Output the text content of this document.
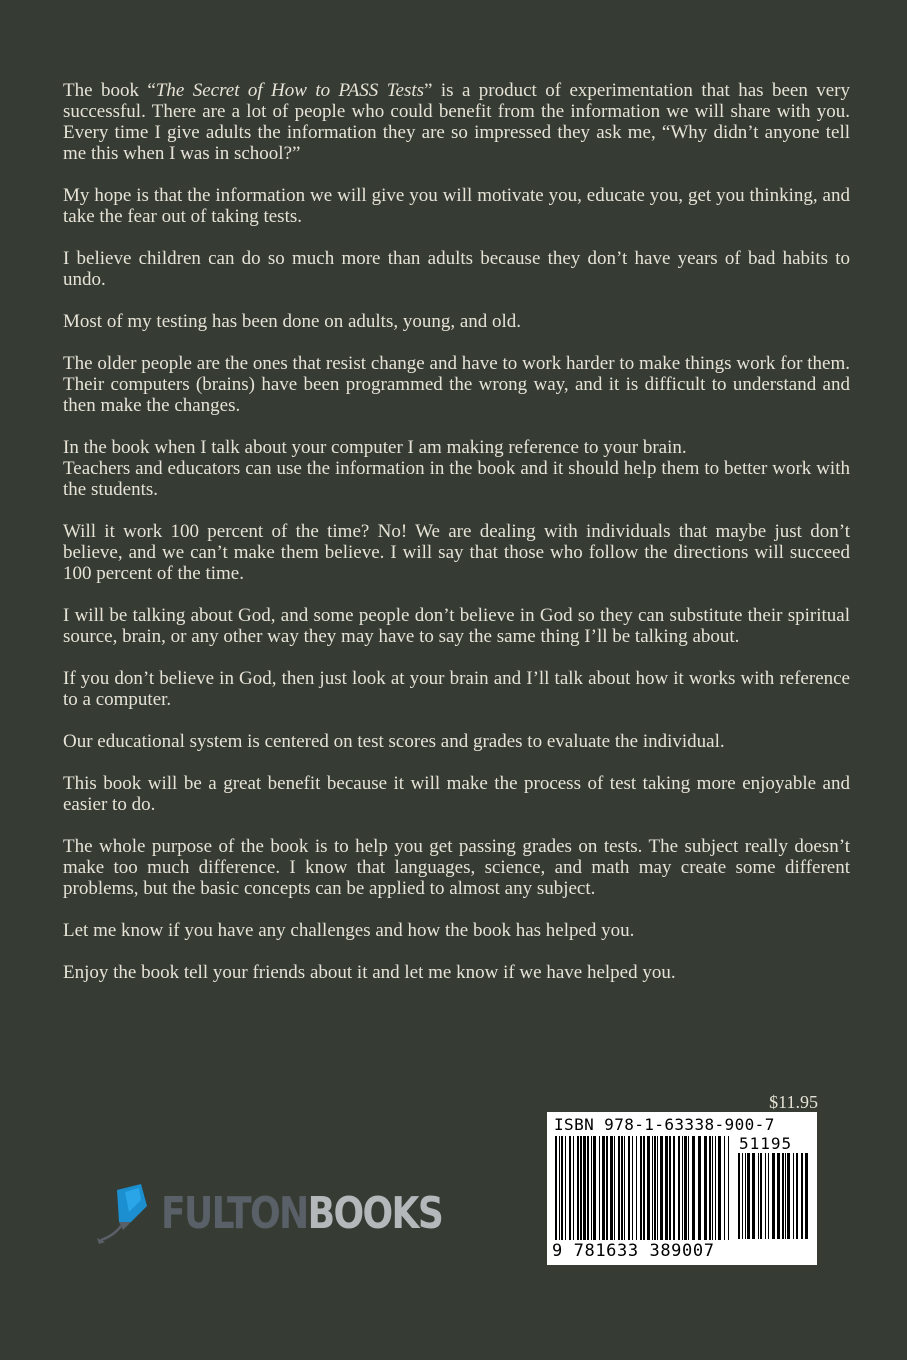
The book “The Secret of How to PASS Tests” is a product of experimentation that has been very successful. There are a lot of people who could benefit from the information we will share with you. Every time I give adults the information they are so impressed they ask me, “Why didn’t anyone tell me this when I was in school?”

My hope is that the information we will give you will motivate you, educate you, get you thinking, and take the fear out of taking tests.

I believe children can do so much more than adults because they don’t have years of bad habits to undo.

Most of my testing has been done on adults, young, and old.

The older people are the ones that resist change and have to work harder to make things work for them. Their computers (brains) have been programmed the wrong way, and it is difficult to understand and then make the changes.

In the book when I talk about your computer I am making reference to your brain.

Teachers and educators can use the information in the book and it should help them to better work with the students.

Will it work 100 percent of the time? No! We are dealing with individuals that maybe just don’t believe, and we can’t make them believe. I will say that those who follow the directions will succeed 100 percent of the time.

I will be talking about God, and some people don’t believe in God so they can substitute their spiritual source, brain, or any other way they may have to say the same thing I’ll be talking about.

If you don’t believe in God, then just look at your brain and I’ll talk about how it works with reference to a computer.

Our educational system is centered on test scores and grades to evaluate the individual.

This book will be a great benefit because it will make the process of test taking more enjoyable and easier to do.

The whole purpose of the book is to help you get passing grades on tests. The subject really doesn’t make too much difference. I know that languages, science, and math may create some different problems, but the basic concepts can be applied to almost any subject.

Let me know if you have any challenges and how the book has helped you.

Enjoy the book tell your friends about it and let me know if we have helped you.

FULTONBOOKS
$11.95
ISBN 978-1-63338-900-7
51195
9 781633 389007
